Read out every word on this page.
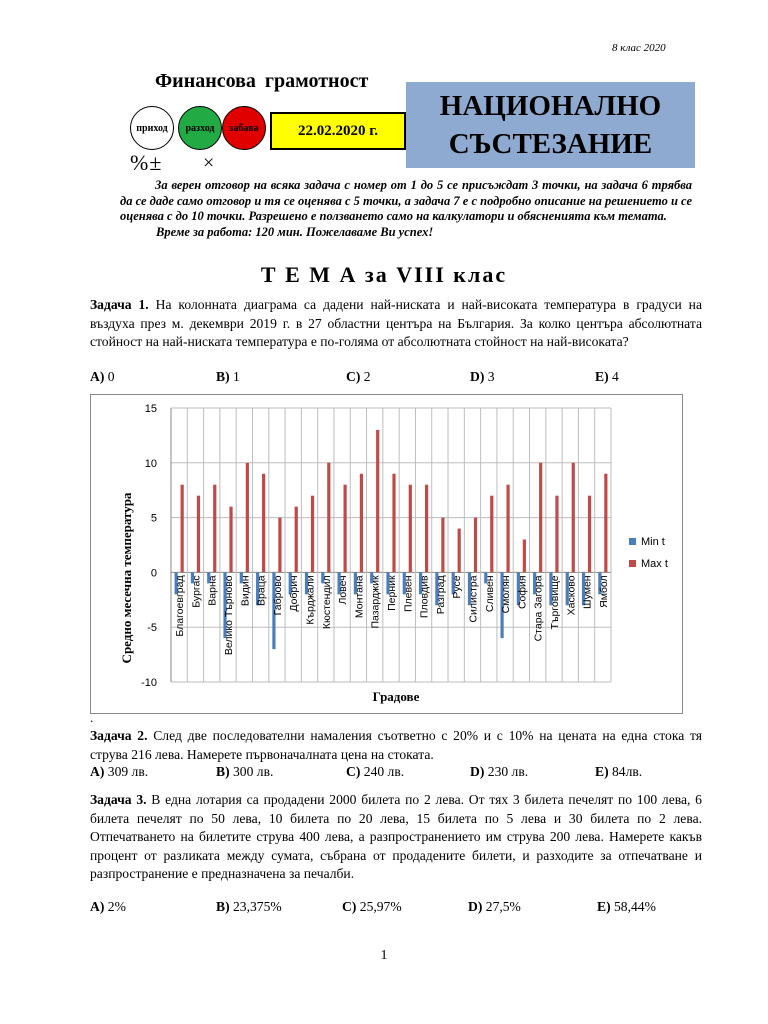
8 клас 2020
Финансова грамотност
приход разход забава	22.02.2020 г.
%± ×
НАЦИОНАЛНО
СЪСТЕЗАНИЕ

За верен отговор на всяка задача с номер от 1 до 5 се присъждат 3 точки, на задача 6 трябва да се даде само отговор и тя се оценява с 5 точки, а задача 7 е с подробно описание на решението и се оценява с до 10 точки. Разрешено е ползването само на калкулатори и обясненията към темата.

Време за работа: 120 мин. Пожелаваме Ви успех!
Т Е М А за VIII клас
Задача 1. На колонната диаграма са дадени най-ниската и най-високата температура в градуси на въздуха през м. декември 2019 г. в 27 областни центъра на България. За колко центъра абсолютната стойност на най-ниската температура е по-голяма от абсолютната стойност на най-високата?
A) 0	B) 1	C) 2	D) 3	E) 4
15
10
5
0
-5
-10
Благоевград Бургас Варна Велико Търново Видин Враца Габрово Добрич Кърджали Кюстендил Ловеч Монтана Пазарджик Перник Плевен Пловдив Разград Русе Силистра Сливен Смолян София Стара Загора Търговище Хасково Шумен Ямбол
Средно месечна температура
Градове
Min t
Max t
.
Задача 2. След две последователни намаления съответно с 20% и с 10% на цената на една стока тя струва 216 лева. Намерете първоначалната цена на стоката.
A) 309 лв.	B) 300 лв.	C) 240 лв.	D) 230 лв.	E) 84лв.
Задача 3. В една лотария са продадени 2000 билета по 2 лева. От тях 3 билета печелят по 100 лева, 6 билета печелят по 50 лева, 10 билета по 20 лева, 15 билета по 5 лева и 30 билета по 2 лева. Отпечатването на билетите струва 400 лева, а разпространението им струва 200 лева. Намерете какъв процент от разликата между сумата, събрана от продадените билети, и разходите за отпечатване и разпространение е предназначена за печалби.
A) 2%	B) 23,375%	C) 25,97%	D) 27,5%	E) 58,44%
1
